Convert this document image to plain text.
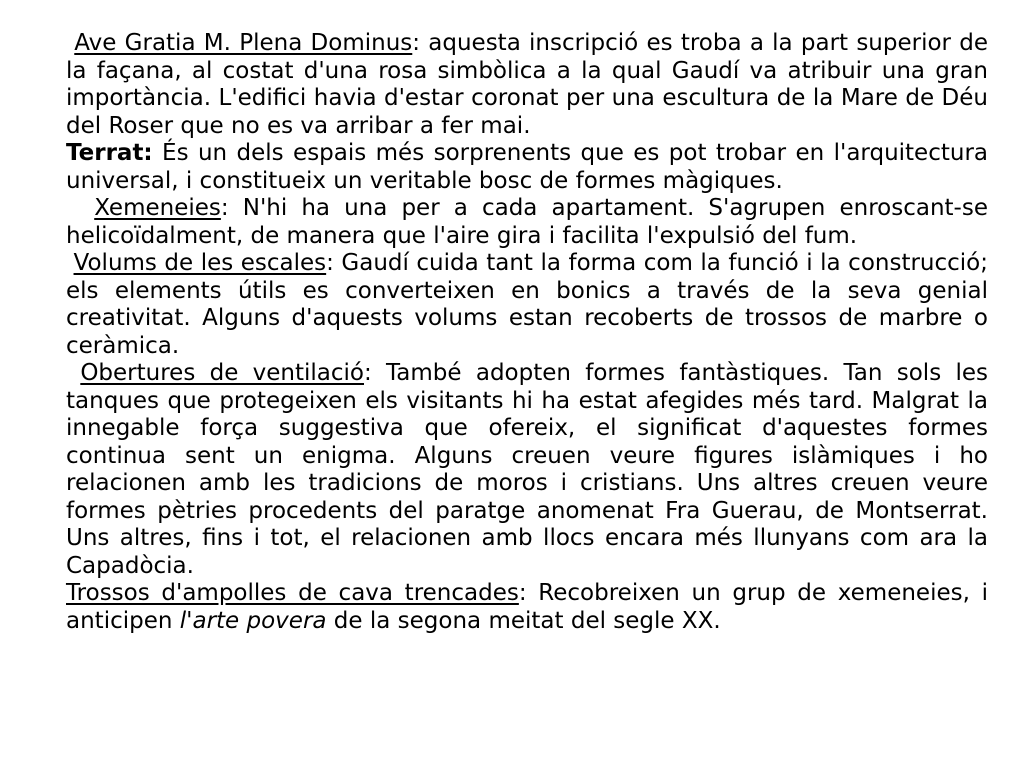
Ave Gratia M. Plena Dominus: aquesta inscripció es troba a la part superior de la façana, al costat d'una rosa simbòlica a la qual Gaudí va atribuir una gran importància. L'edifici havia d'estar coronat per una escultura de la Mare de Déu del Roser que no es va arribar a fer mai.

Terrat: És un dels espais més sorprenents que es pot trobar en l'arquitectura universal, i constitueix un veritable bosc de formes màgiques.

Xemeneies: N'hi ha una per a cada apartament. S'agrupen enroscant-se helicoïdalment, de manera que l'aire gira i facilita l'expulsió del fum.

Volums de les escales: Gaudí cuida tant la forma com la funció i la construcció; els elements útils es converteixen en bonics a través de la seva genial creativitat. Alguns d'aquests volums estan recoberts de trossos de marbre o ceràmica.

Obertures de ventilació: També adopten formes fantàstiques. Tan sols les tanques que protegeixen els visitants hi ha estat afegides més tard. Malgrat la innegable força suggestiva que ofereix, el significat d'aquestes formes continua sent un enigma. Alguns creuen veure figures islàmiques i ho relacionen amb les tradicions de moros i cristians. Uns altres creuen veure formes pètries procedents del paratge anomenat Fra Guerau, de Montserrat. Uns altres, fins i tot, el relacionen amb llocs encara més llunyans com ara la Capadòcia.

Trossos d'ampolles de cava trencades: Recobreixen un grup de xemeneies, i anticipen l'arte povera de la segona meitat del segle XX.
